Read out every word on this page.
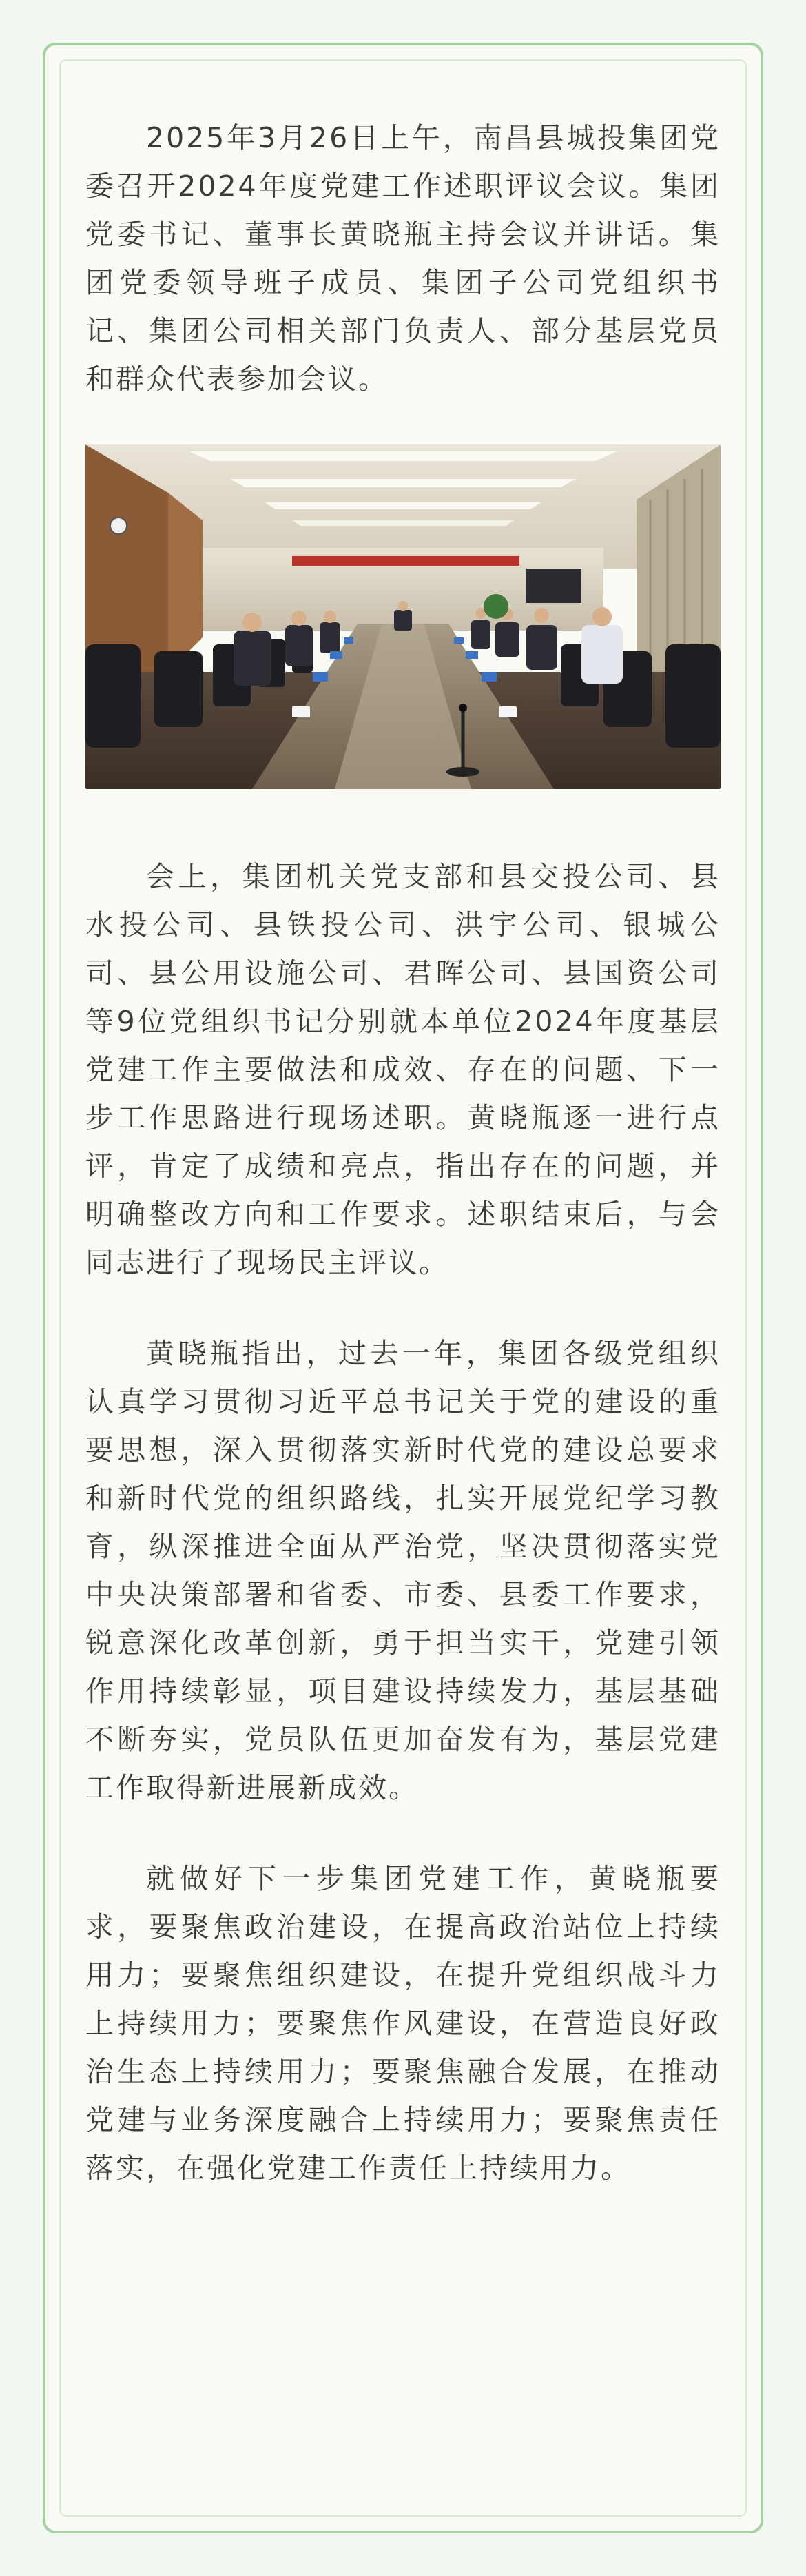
2025年3月26日上午，南昌县城投集团党委召开2024年度党建工作述职评议会议。集团党委书记、董事长黄晓瓶主持会议并讲话。集团党委领导班子成员、集团子公司党组织书记、集团公司相关部门负责人、部分基层党员和群众代表参加会议。

会上，集团机关党支部和县交投公司、县水投公司、县铁投公司、洪宇公司、银城公司、县公用设施公司、君晖公司、县国资公司等9位党组织书记分别就本单位2024年度基层党建工作主要做法和成效、存在的问题、下一步工作思路进行现场述职。黄晓瓶逐一进行点评，肯定了成绩和亮点，指出存在的问题，并明确整改方向和工作要求。述职结束后，与会同志进行了现场民主评议。

黄晓瓶指出，过去一年，集团各级党组织认真学习贯彻习近平总书记关于党的建设的重要思想，深入贯彻落实新时代党的建设总要求和新时代党的组织路线，扎实开展党纪学习教育，纵深推进全面从严治党，坚决贯彻落实党中央决策部署和省委、市委、县委工作要求，锐意深化改革创新，勇于担当实干，党建引领作用持续彰显，项目建设持续发力，基层基础不断夯实，党员队伍更加奋发有为，基层党建工作取得新进展新成效。

就做好下一步集团党建工作，黄晓瓶要求，要聚焦政治建设，在提高政治站位上持续用力；要聚焦组织建设，在提升党组织战斗力上持续用力；要聚焦作风建设，在营造良好政治生态上持续用力；要聚焦融合发展，在推动党建与业务深度融合上持续用力；要聚焦责任落实，在强化党建工作责任上持续用力。
